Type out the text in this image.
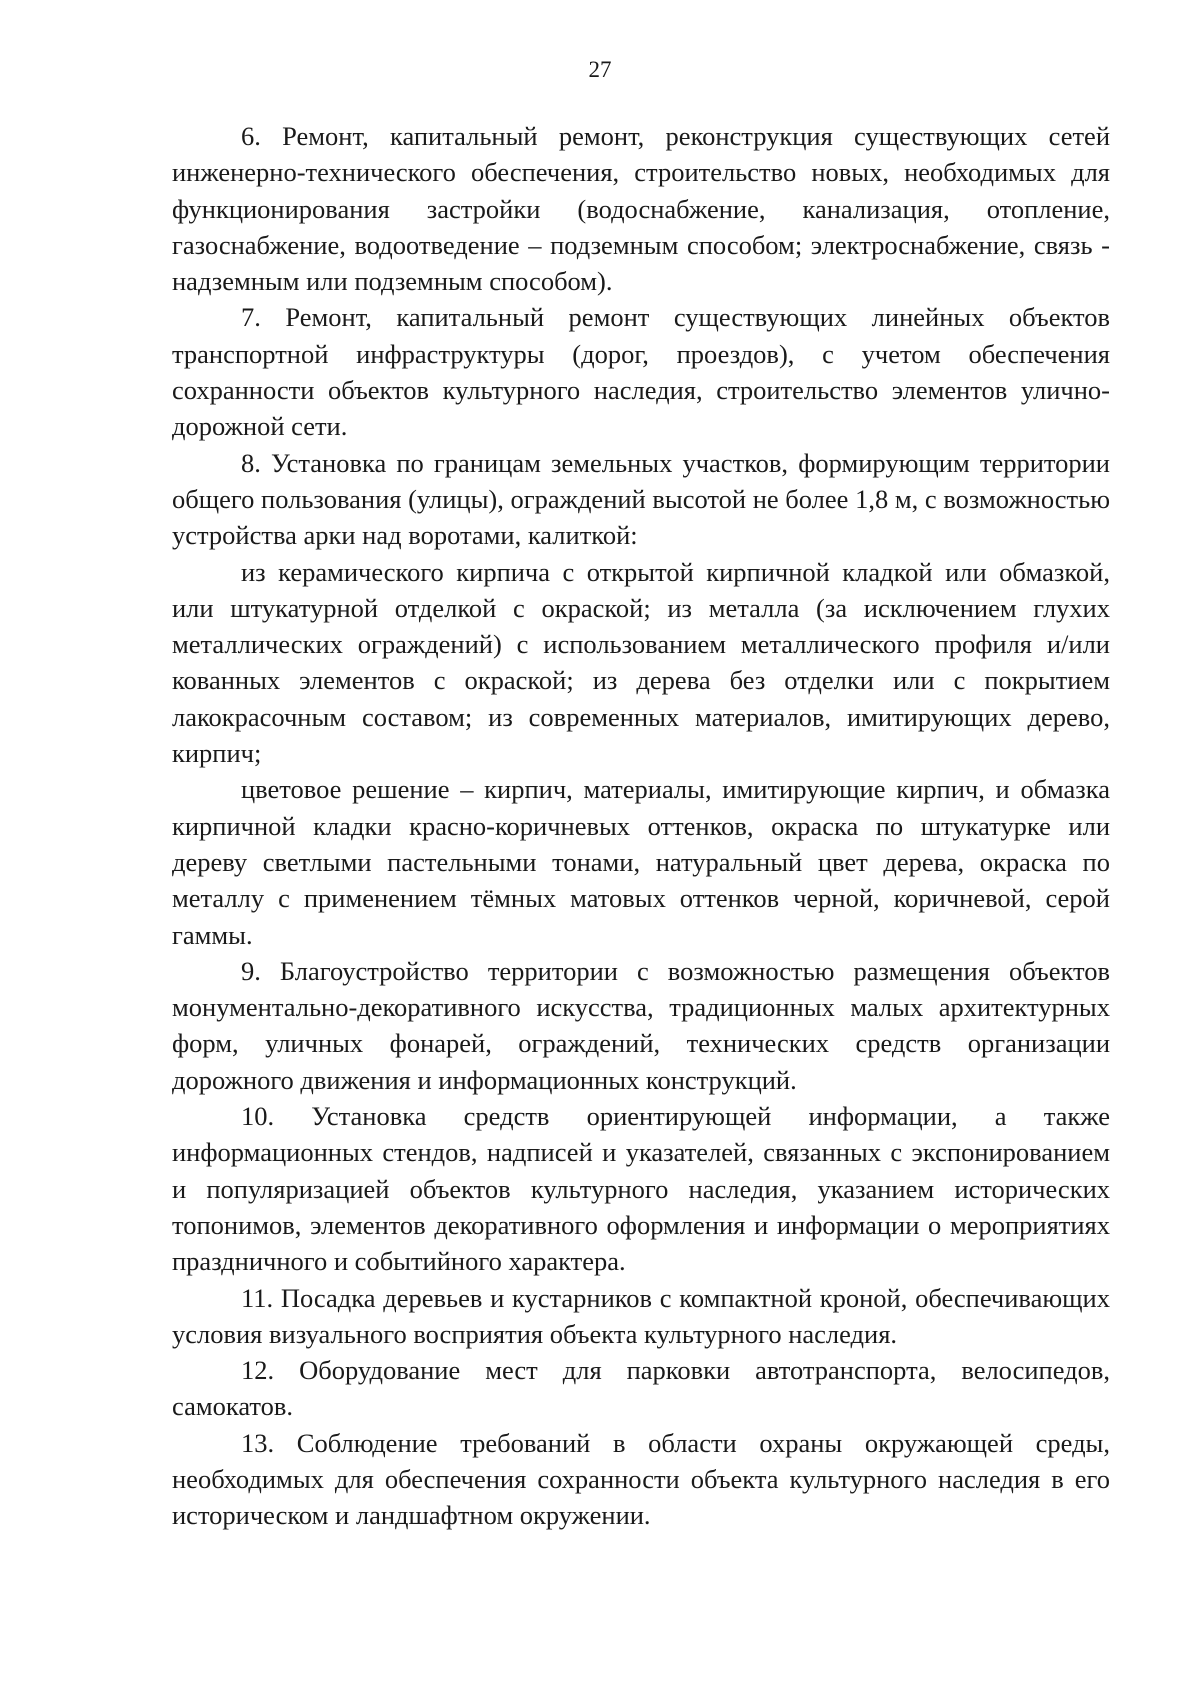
27

6. Ремонт, капитальный ремонт, реконструкция существующих сетей инженерно-технического обеспечения, строительство новых, необходимых для функционирования застройки (водоснабжение, канализация, отопление, газоснабжение, водоотведение – подземным способом; электроснабжение, связь - надземным или подземным способом).

7. Ремонт, капитальный ремонт существующих линейных объектов транспортной инфраструктуры (дорог, проездов), с учетом обеспечения сохранности объектов культурного наследия, строительство элементов улично-дорожной сети.

8. Установка по границам земельных участков, формирующим территории общего пользования (улицы), ограждений высотой не более 1,8 м, с возможностью устройства арки над воротами, калиткой:

из керамического кирпича с открытой кирпичной кладкой или обмазкой, или штукатурной отделкой с окраской; из металла (за исключением глухих металлических ограждений) с использованием металлического профиля и/или кованных элементов с окраской; из дерева без отделки или с покрытием лакокрасочным составом; из современных материалов, имитирующих дерево, кирпич;

цветовое решение – кирпич, материалы, имитирующие кирпич, и обмазка кирпичной кладки красно-коричневых оттенков, окраска по штукатурке или дереву светлыми пастельными тонами, натуральный цвет дерева, окраска по металлу с применением тёмных матовых оттенков черной, коричневой, серой гаммы.

9. Благоустройство территории с возможностью размещения объектов монументально-декоративного искусства, традиционных малых архитектурных форм, уличных фонарей, ограждений, технических средств организации дорожного движения и информационных конструкций.

10. Установка средств ориентирующей информации, а также информационных стендов, надписей и указателей, связанных с экспонированием и популяризацией объектов культурного наследия, указанием исторических топонимов, элементов декоративного оформления и информации о мероприятиях праздничного и событийного характера.

11. Посадка деревьев и кустарников с компактной кроной, обеспечивающих условия визуального восприятия объекта культурного наследия.

12. Оборудование мест для парковки автотранспорта, велосипедов, самокатов.

13. Соблюдение требований в области охраны окружающей среды, необходимых для обеспечения сохранности объекта культурного наследия в его историческом и ландшафтном окружении.
